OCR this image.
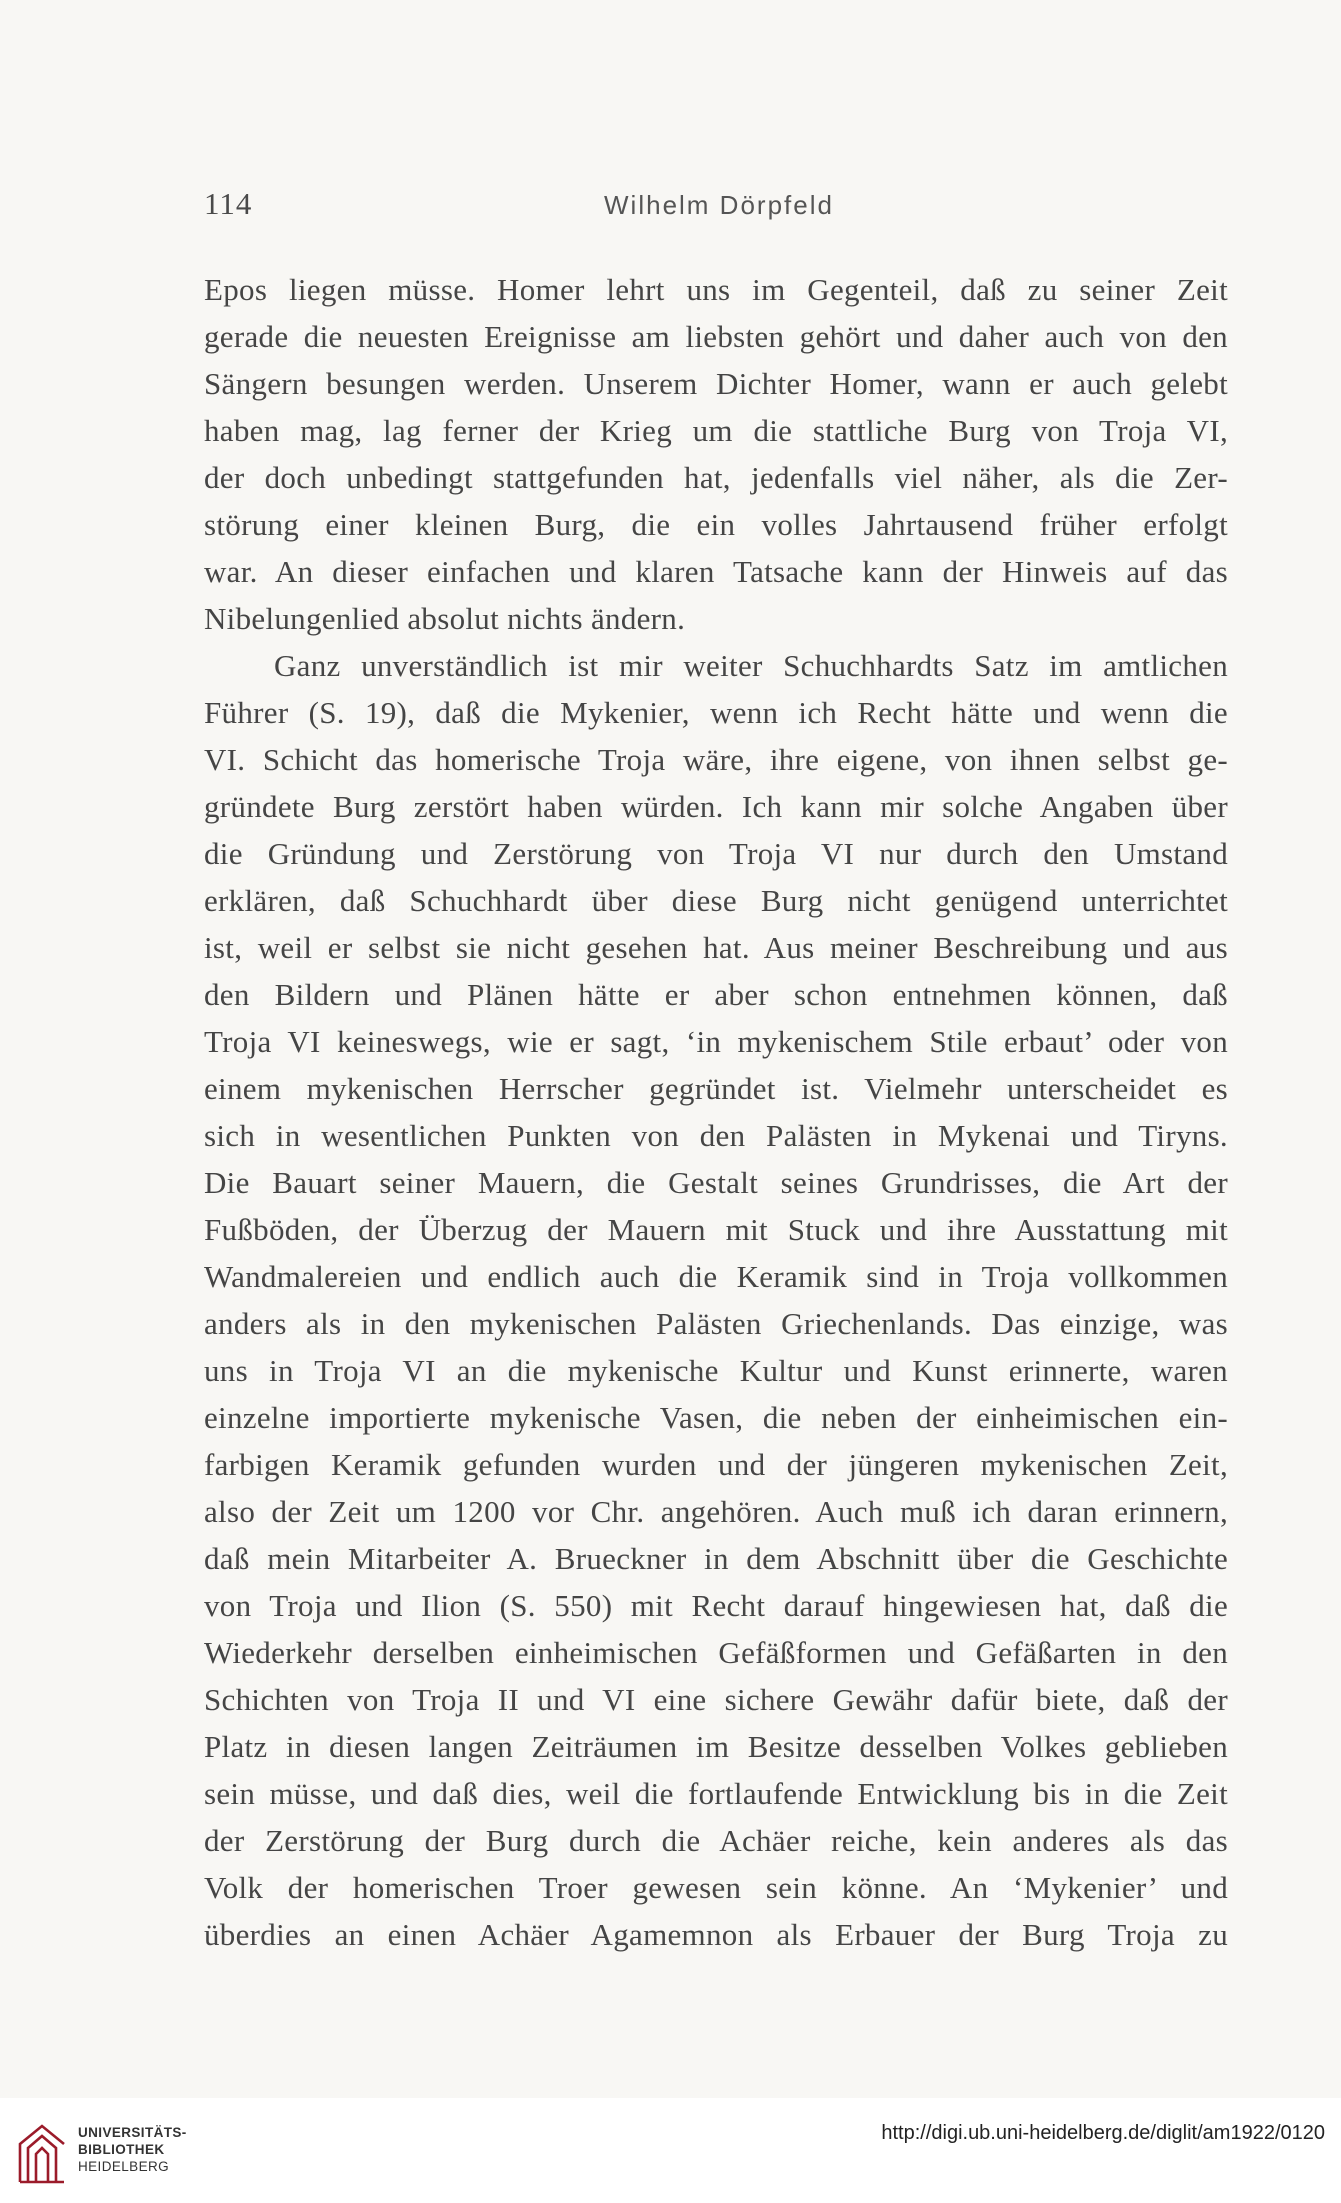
114	Wilhelm Dörpfeld
Epos liegen müsse. Homer lehrt uns im Gegenteil, daß zu seiner Zeit
gerade die neuesten Ereignisse am liebsten gehört und daher auch von den
Sängern besungen werden. Unserem Dichter Homer, wann er auch gelebt
haben mag, lag ferner der Krieg um die stattliche Burg von Troja VI,
der doch unbedingt stattgefunden hat, jedenfalls viel näher, als die Zer-
störung einer kleinen Burg, die ein volles Jahrtausend früher erfolgt
war. An dieser einfachen und klaren Tatsache kann der Hinweis auf das
Nibelungenlied absolut nichts ändern.
Ganz unverständlich ist mir weiter Schuchhardts Satz im amtlichen
Führer (S. 19), daß die Mykenier, wenn ich Recht hätte und wenn die
VI. Schicht das homerische Troja wäre, ihre eigene, von ihnen selbst ge-
gründete Burg zerstört haben würden. Ich kann mir solche Angaben über
die Gründung und Zerstörung von Troja VI nur durch den Umstand
erklären, daß Schuchhardt über diese Burg nicht genügend unterrichtet
ist, weil er selbst sie nicht gesehen hat. Aus meiner Beschreibung und aus
den Bildern und Plänen hätte er aber schon entnehmen können, daß
Troja VI keineswegs, wie er sagt, ‘in mykenischem Stile erbaut’ oder von
einem mykenischen Herrscher gegründet ist. Vielmehr unterscheidet es
sich in wesentlichen Punkten von den Palästen in Mykenai und Tiryns.
Die Bauart seiner Mauern, die Gestalt seines Grundrisses, die Art der
Fußböden, der Überzug der Mauern mit Stuck und ihre Ausstattung mit
Wandmalereien und endlich auch die Keramik sind in Troja vollkommen
anders als in den mykenischen Palästen Griechenlands. Das einzige, was
uns in Troja VI an die mykenische Kultur und Kunst erinnerte, waren
einzelne importierte mykenische Vasen, die neben der einheimischen ein-
farbigen Keramik gefunden wurden und der jüngeren mykenischen Zeit,
also der Zeit um 1200 vor Chr. angehören. Auch muß ich daran erinnern,
daß mein Mitarbeiter A. Brueckner in dem Abschnitt über die Geschichte
von Troja und Ilion (S. 550) mit Recht darauf hingewiesen hat, daß die
Wiederkehr derselben einheimischen Gefäßformen und Gefäßarten in den
Schichten von Troja II und VI eine sichere Gewähr dafür biete, daß der
Platz in diesen langen Zeiträumen im Besitze desselben Volkes geblieben
sein müsse, und daß dies, weil die fortlaufende Entwicklung bis in die Zeit
der Zerstörung der Burg durch die Achäer reiche, kein anderes als das
Volk der homerischen Troer gewesen sein könne. An ‘Mykenier’ und
überdies an einen Achäer Agamemnon als Erbauer der Burg Troja zu
UNIVERSITÄTS-
BIBLIOTHEK
HEIDELBERG
http://digi.ub.uni-heidelberg.de/diglit/am1922/0120
